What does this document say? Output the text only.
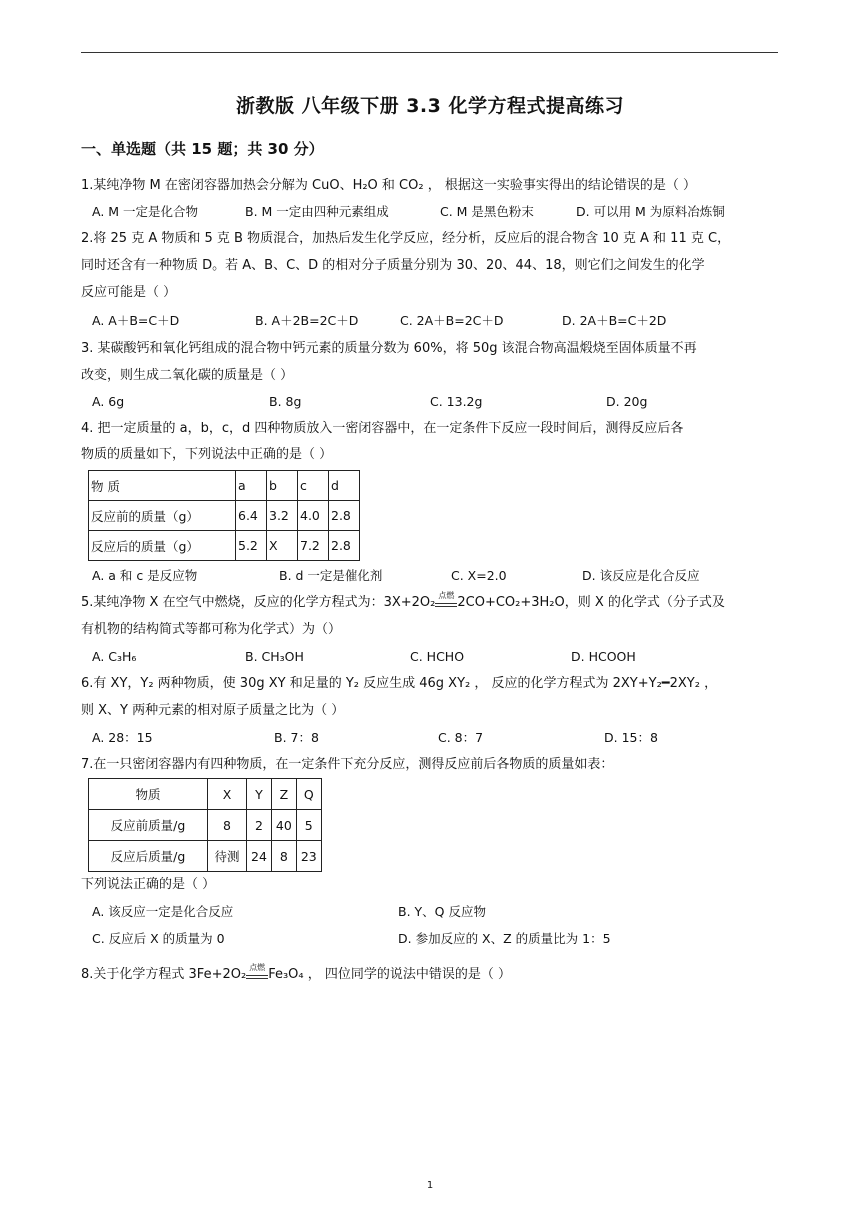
浙教版 八年级下册 3.3 化学方程式提高练习
一、单选题（共 15 题；共 30 分）
1.某纯净物 M 在密闭容器加热会分解为 CuO、H₂O 和 CO₂ ， 根据这一实验事实得出的结论错误的是（ ）
A. M 一定是化合物	B. M 一定由四种元素组成	C. M 是黑色粉末	D. 可以用 M 为原料冶炼铜
2.将 25 克 A 物质和 5 克 B 物质混合，加热后发生化学反应，经分析，反应后的混合物含 10 克 A 和 11 克 C，
同时还含有一种物质 D。若 A、B、C、D 的相对分子质量分别为 30、20、44、18，则它们之间发生的化学
反应可能是（ ）
A. A＋B=C＋D	B. A＋2B=2C＋D	C. 2A＋B=2C＋D	D. 2A＋B=C＋2D
3. 某碳酸钙和氧化钙组成的混合物中钙元素的质量分数为 60%，将 50g 该混合物高温煅烧至固体质量不再
改变，则生成二氧化碳的质量是（ ）
A. 6g	B. 8g	C. 13.2g	D. 20g
4. 把一定质量的 a，b，c，d 四种物质放入一密闭容器中，在一定条件下反应一段时间后，测得反应后各
物质的质量如下，下列说法中正确的是（ ）
物 质	a	b	c	d
反应前的质量（g）	6.4	3.2	4.0	2.8
反应后的质量（g）	5.2	X	7.2	2.8
A. a 和 c 是反应物	B. d 一定是催化剂	C. X=2.0	D. 该反应是化合反应
5.某纯净物 X 在空气中燃烧，反应的化学方程式为：3X+2O₂ 点燃 2CO+CO₂+3H₂O，则 X 的化学式（分子式及
有机物的结构简式等都可称为化学式）为（）
A. C₃H₆	B. CH₃OH	C. HCHO	D. HCOOH
6.有 XY，Y₂ 两种物质，使 30g XY 和足量的 Y₂ 反应生成 46g XY₂ ， 反应的化学方程式为 2XY+Y₂━2XY₂ ，
则 X、Y 两种元素的相对原子质量之比为（ ）
A. 28：15	B. 7：8	C. 8：7	D. 15：8
7.在一只密闭容器内有四种物质，在一定条件下充分反应，测得反应前后各物质的质量如表：
物质	X	Y	Z	Q
反应前质量/g	8	2	40	5
反应后质量/g	待测	24	8	23
下列说法正确的是（ ）
A. 该反应一定是化合反应	B. Y、Q 反应物
C. 反应后 X 的质量为 0	D. 参加反应的 X、Z 的质量比为 1：5
8.关于化学方程式 3Fe+2O₂ 点燃 Fe₃O₄ ， 四位同学的说法中错误的是（ ）
1
